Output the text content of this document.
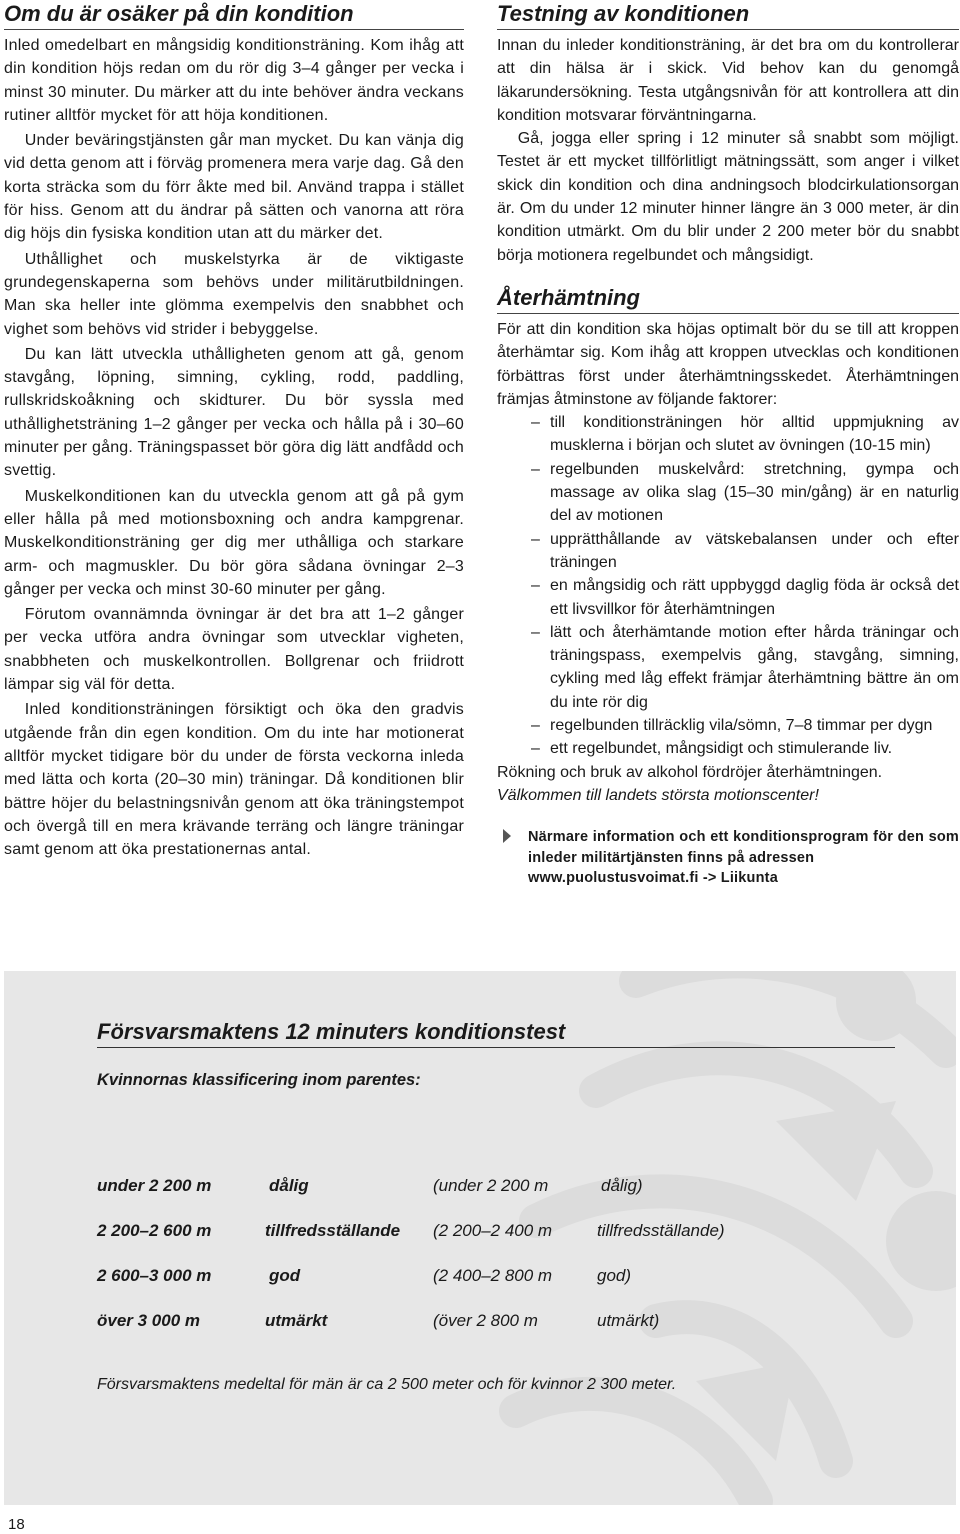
Om du är osäker på din kondition

Inled omedelbart en mångsidig konditionsträning. Kom ihåg att din kondition höjs redan om du rör dig 3–4 gånger per vecka i minst 30 minuter. Du märker att du inte behöver ändra veckans rutiner alltför mycket för att höja konditionen.

Under beväringstjänsten går man mycket. Du kan vänja dig vid detta genom att i förväg promenera mera varje dag. Gå den korta sträcka som du förr åkte med bil. Använd trappa i stället för hiss. Genom att du ändrar på sätten och vanorna att röra dig höjs din fysiska kondition utan att du märker det.

Uthållighet och muskelstyrka är de viktigaste grundegenskaperna som behövs under militärutbildningen. Man ska heller inte glömma exempelvis den snabbhet och vighet som behövs vid strider i bebyggelse.

Du kan lätt utveckla uthålligheten genom att gå, genom stavgång, löpning, simning, cykling, rodd, paddling, rullskridskoåkning och skidturer. Du bör syssla med uthållighetsträning 1–2 gånger per vecka och hålla på i 30–60 minuter per gång. Träningspasset bör göra dig lätt andfådd och svettig.

Muskelkonditionen kan du utveckla genom att gå på gym eller hålla på med motionsboxning och andra kampgrenar. Muskelkonditionsträning ger dig mer uthålliga och starkare arm- och magmuskler. Du bör göra sådana övningar 2–3 gånger per vecka och minst 30-60 minuter per gång.

Förutom ovannämnda övningar är det bra att 1–2 gånger per vecka utföra andra övningar som utvecklar vigheten, snabbheten och muskelkontrollen. Bollgrenar och friidrott lämpar sig väl för detta.

Inled konditionsträningen försiktigt och öka den gradvis utgående från din egen kondition. Om du inte har motionerat alltför mycket tidigare bör du under de första veckorna inleda med lätta och korta (20–30 min) träningar. Då konditionen blir bättre höjer du belastningsnivån genom att öka träningstempot och övergå till en mera krävande terräng och längre träningar samt genom att öka prestationernas antal.

Testning av konditionen

Innan du inleder konditionsträning, är det bra om du kontrollerar att din hälsa är i skick. Vid behov kan du genomgå läkarundersökning. Testa utgångsnivån för att kontrollera att din kondition motsvarar förväntningarna.

Gå, jogga eller spring i 12 minuter så snabbt som möjligt. Testet är ett mycket tillförlitligt mätningssätt, som anger i vilket skick din kondition och dina andningsoch blodcirkulationsorgan är. Om du under 12 minuter hinner längre än 3 000 meter, är din kondition utmärkt. Om du blir under 2 200 meter bör du snabbt börja motionera regelbundet och mångsidigt.

Återhämtning

För att din kondition ska höjas optimalt bör du se till att kroppen återhämtar sig. Kom ihåg att kroppen utvecklas och konditionen förbättras först under återhämtningsskedet. Återhämtningen främjas åtminstone av följande faktorer:

– till konditionsträningen hör alltid uppmjukning av musklerna i början och slutet av övningen (10-15 min)
– regelbunden muskelvård: stretchning, gympa och massage av olika slag (15–30 min/gång) är en naturlig del av motionen
– upprätthållande av vätskebalansen under och efter träningen
– en mångsidig och rätt uppbyggd daglig föda är också det ett livsvillkor för återhämtningen
– lätt och återhämtande motion efter hårda träningar och träningspass, exempelvis gång, stavgång, simning, cykling med låg effekt främjar återhämtning bättre än om du inte rör dig
– regelbunden tillräcklig vila/sömn, 7–8 timmar per dygn
– ett regelbundet, mångsidigt och stimulerande liv.

Rökning och bruk av alkohol fördröjer återhämtningen.

Välkommen till landets största motionscenter!

Närmare information och ett konditionsprogram för den som inleder militärtjänsten finns på adressen
www.puolustusvoimat.fi -> Liikunta
Försvarsmaktens 12 minuters konditionstest
Kvinnornas klassificering inom parentes:
under 2 200 m	dålig	(under 2 200 m	dålig)
2 200–2 600 m	tillfredsställande (2 200–2 400 m	tillfredsställande)
2 600–3 000 m	god	(2 400–2 800 m	god)
över 3 000 m	utmärkt	(över 2 800 m	utmärkt)
Försvarsmaktens medeltal för män är ca 2 500 meter och för kvinnor 2 300 meter.
18
